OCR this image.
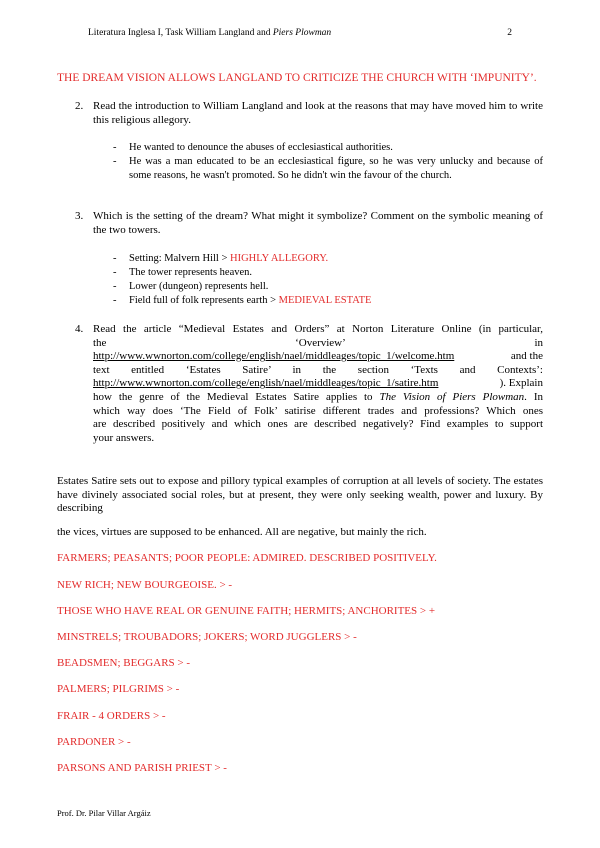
Literatura Inglesa I, Task William Langland and Piers Plowman	2
THE DREAM VISION ALLOWS LANGLAND TO CRITICIZE THE CHURCH WITH ‘IMPUNITY’.
2. Read the introduction to William Langland and look at the reasons that may have moved him to write this religious allegory.
- He wanted to denounce the abuses of ecclesiastical authorities.
- He was a man educated to be an ecclesiastical figure, so he was very unlucky and because of some reasons, he wasn't promoted. So he didn't win the favour of the church.
3. Which is the setting of the dream? What might it symbolize? Comment on the symbolic meaning of the two towers.
- Setting: Malvern Hill > HIGHLY ALLEGORY.
- The tower represents heaven.
- Lower (dungeon) represents hell.
- Field full of folk represents earth > MEDIEVAL ESTATE
4. Read the article “Medieval Estates and Orders” at Norton Literature Online (in particular,
the	‘Overview’	in
http://www.wwnorton.com/college/english/nael/middleages/topic_1/welcome.htm	and the
text entitled ‘Estates Satire’ in the section ‘Texts and Contexts’:
http://www.wwnorton.com/college/english/nael/middleages/topic_1/satire.htm	). Explain
how the genre of the Medieval Estates Satire applies to The Vision of Piers Plowman. In
which way does ‘The Field of Folk’ satirise different trades and professions? Which ones
are described positively and which ones are described negatively? Find examples to support
your answers.
Estates Satire sets out to expose and pillory typical examples of corruption at all levels of society. The estates have divinely associated social roles, but at present, they were only seeking wealth, power and luxury. By describing
the vices, virtues are supposed to be enhanced. All are negative, but mainly the rich.
FARMERS; PEASANTS; POOR PEOPLE: ADMIRED. DESCRIBED POSITIVELY.
NEW RICH; NEW BOURGEOISE. > -
THOSE WHO HAVE REAL OR GENUINE FAITH; HERMITS; ANCHORITES > +
MINSTRELS; TROUBADORS; JOKERS; WORD JUGGLERS > -
BEADSMEN; BEGGARS > -
PALMERS; PILGRIMS > -
FRAIR - 4 ORDERS > -
PARDONER > -
PARSONS AND PARISH PRIEST > -
Prof. Dr. Pilar Villar Argáiz
